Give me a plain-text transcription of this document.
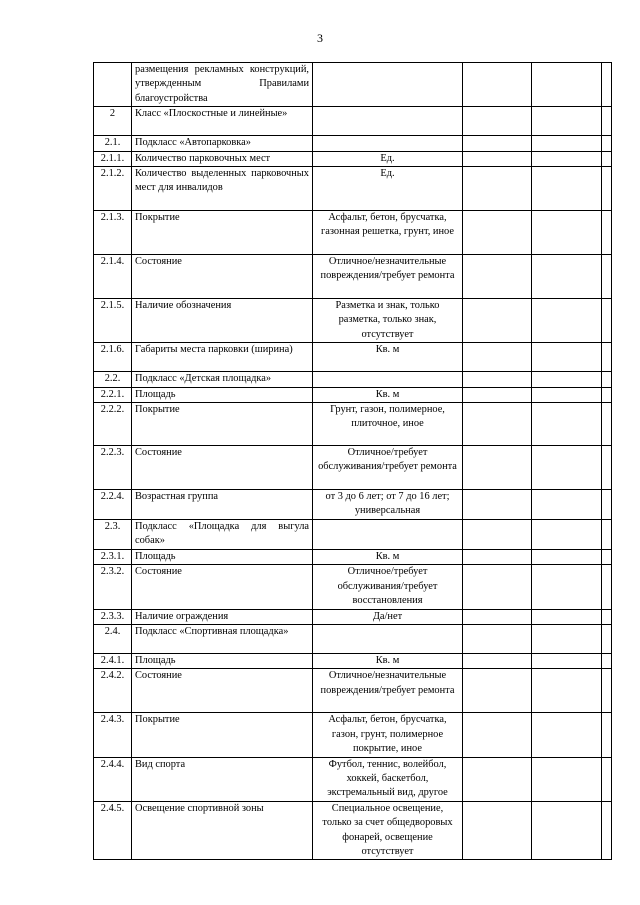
3
	размещения рекламных конструкций, утвержденным Правилами благоустройства				
2	Класс «Плоскостные и линейные»				
2.1.	Подкласс «Автопарковка»				
2.1.1.	Количество парковочных мест	Ед.			
2.1.2.	Количество выделенных парковочных мест для инвалидов	Ед.			
2.1.3.	Покрытие	Асфальт, бетон, брусчатка, газонная решетка, грунт, иное			
2.1.4.	Состояние	Отличное/незначительные повреждения/требует ремонта			
2.1.5.	Наличие обозначения	Разметка и знак, только разметка, только знак, отсутствует			
2.1.6.	Габариты места парковки (ширина)	Кв. м			
2.2.	Подкласс «Детская площадка»				
2.2.1.	Площадь	Кв. м			
2.2.2.	Покрытие	Грунт, газон, полимерное, плиточное, иное			
2.2.3.	Состояние	Отличное/требует обслуживания/требует ремонта			
2.2.4.	Возрастная группа	от 3 до 6 лет; от 7 до 16 лет; универсальная			
2.3.	Подкласс «Площадка для выгула собак»				
2.3.1.	Площадь	Кв. м			
2.3.2.	Состояние	Отличное/требует обслуживания/требует восстановления			
2.3.3.	Наличие ограждения	Да/нет			
2.4.	Подкласс «Спортивная площадка»				
2.4.1.	Площадь	Кв. м			
2.4.2.	Состояние	Отличное/незначительные повреждения/требует ремонта			
2.4.3.	Покрытие	Асфальт, бетон, брусчатка, газон, грунт, полимерное покрытие, иное			
2.4.4.	Вид спорта	Футбол, теннис, волейбол, хоккей, баскетбол, экстремальный вид, другое			
2.4.5.	Освещение спортивной зоны	Специальное освещение, только за счет общедворовых фонарей, освещение отсутствует			
